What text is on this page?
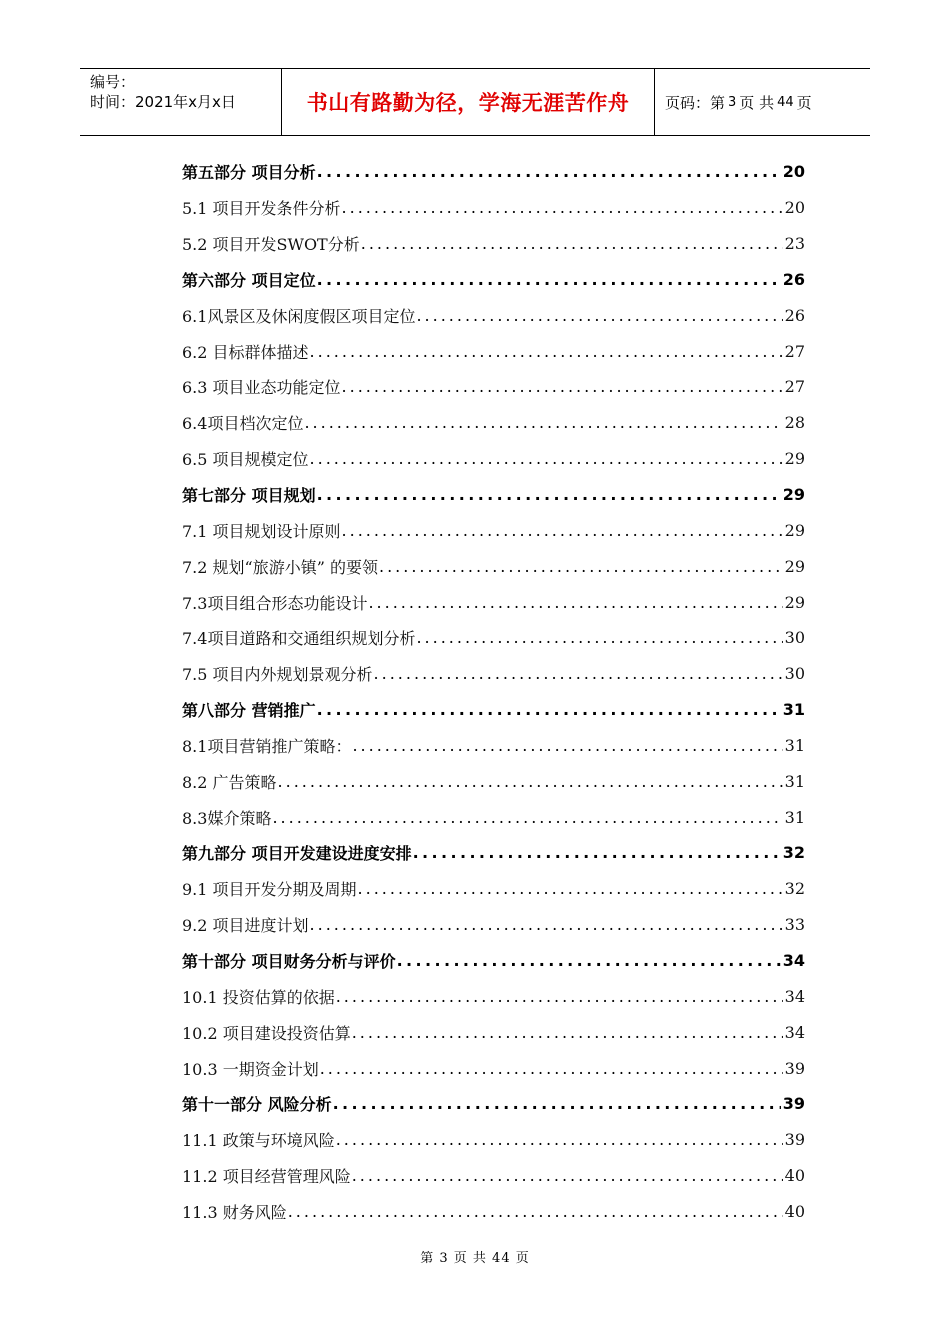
编号：
时间：2021年x月x日	书山有路勤为径，学海无涯苦作舟	页码：第 3 页 共 44 页
第五部分 项目分析 .....	20
5.1 项目开发条件分析 .....	20
5.2 项目开发SWOT分析 .....	23
第六部分 项目定位 .....	26
6.1风景区及休闲度假区项目定位 .....	26
6.2 目标群体描述 .....	27
6.3 项目业态功能定位 .....	27
6.4项目档次定位 .....	28
6.5 项目规模定位 .....	29
第七部分 项目规划 .....	29
7.1 项目规划设计原则 .....	29
7.2 规划“旅游小镇” 的要领 .....	29
7.3项目组合形态功能设计 .....	29
7.4项目道路和交通组织规划分析 .....	30
7.5 项目内外规划景观分析 .....	30
第八部分 营销推广 .....	31
8.1项目营销推广策略： .....	31
8.2 广告策略 .....	31
8.3媒介策略 .....	31
第九部分 项目开发建设进度安排 .....	32
9.1 项目开发分期及周期 .....	32
9.2 项目进度计划 .....	33
第十部分 项目财务分析与评价 .....	34
10.1 投资估算的依据 .....	34
10.2 项目建设投资估算 .....	34
10.3 一期资金计划 .....	39
第十一部分 风险分析 .....	39
11.1 政策与环境风险 .....	39
11.2 项目经营管理风险 .....	40
11.3 财务风险 .....	40
第 3 页 共 44 页
